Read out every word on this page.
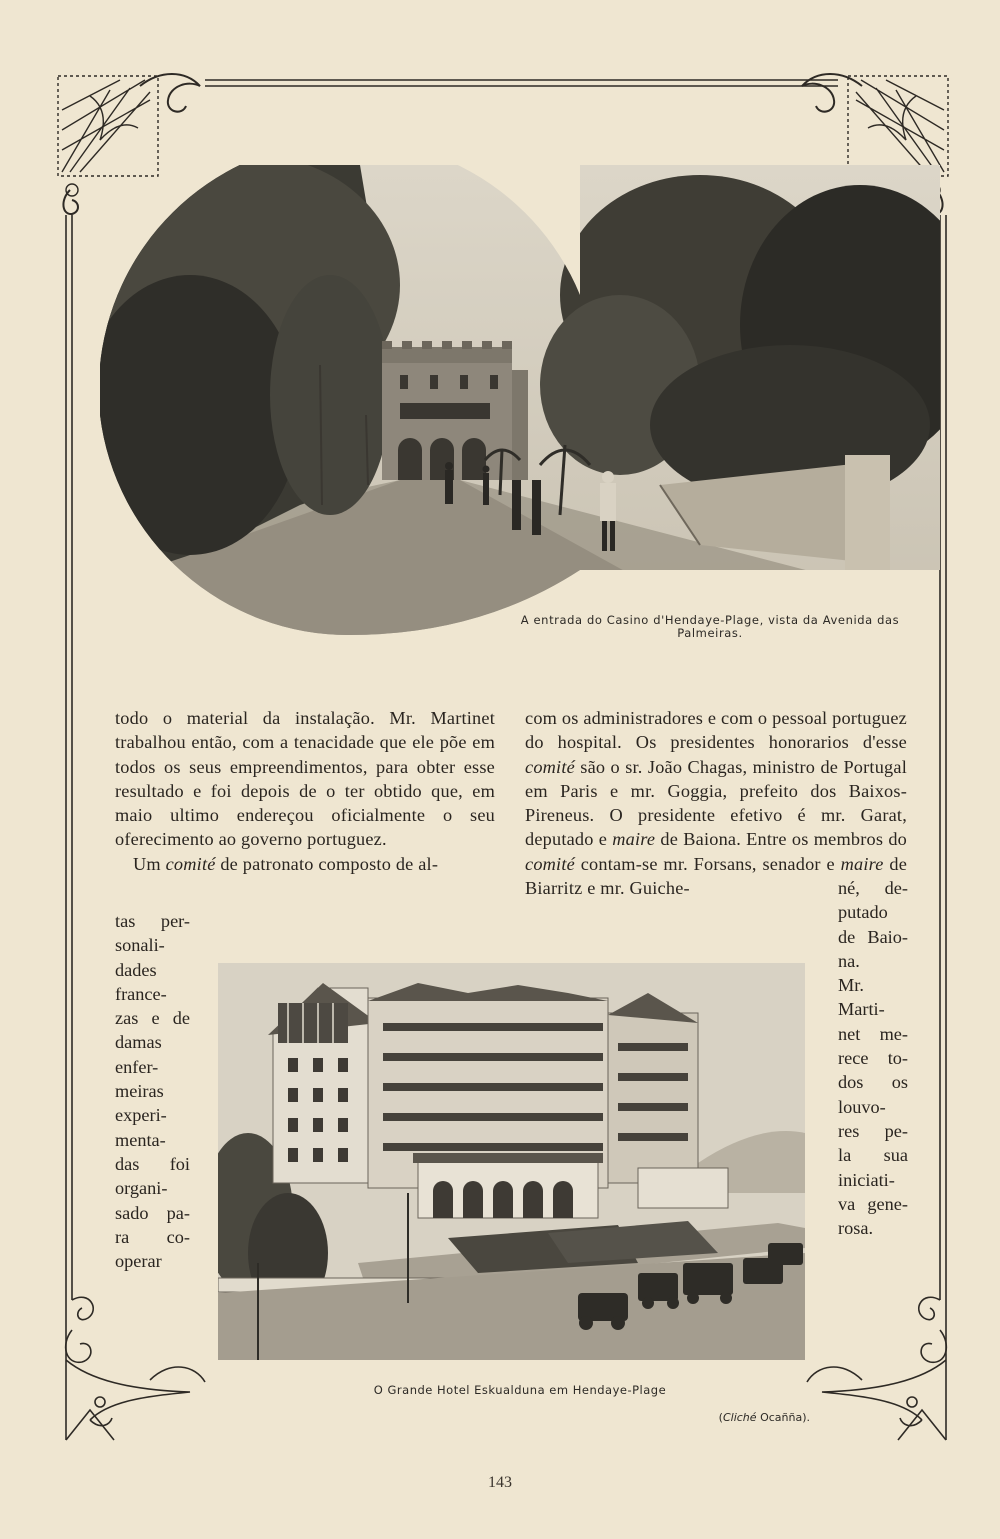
A entrada do Casino d'Hendaye-Plage, vista da Avenida das Palmeiras.

todo o material da instalação. Mr. Martinet trabalhou então, com a tenacidade que ele põe em todos os seus empreendimentos, para obter esse resultado e foi depois de o ter obtido que, em maio ultimo endereçou oficialmente o seu oferecimento ao governo portuguez.

Um comité de patronato composto de al-

tas per-
sonali-
dades
france-
zas e de
damas
enfer-
meiras
experi-
menta-
das foi
organi-
sado pa-
ra co-
operar

com os administradores e com o pessoal portuguez do hospital. Os presidentes honorarios d'esse comité são o sr. João Chagas, ministro de Portugal em Paris e mr. Goggia, prefeito dos Baixos-Pireneus. O presidente efetivo é mr. Garat, deputado e maire de Baiona. Entre os membros do comité contam-se mr. Forsans, senador e maire de Biarritz e mr. Guiche-	né, de-
putado
de Baio-
na.
Mr.
Marti-
net me-
rece to-
dos os
louvo-
res pe-
la sua
iniciati-
va gene-
rosa.
O Grande Hotel Eskualduna em Hendaye-Plage
(Cliché Ocañña).
143
